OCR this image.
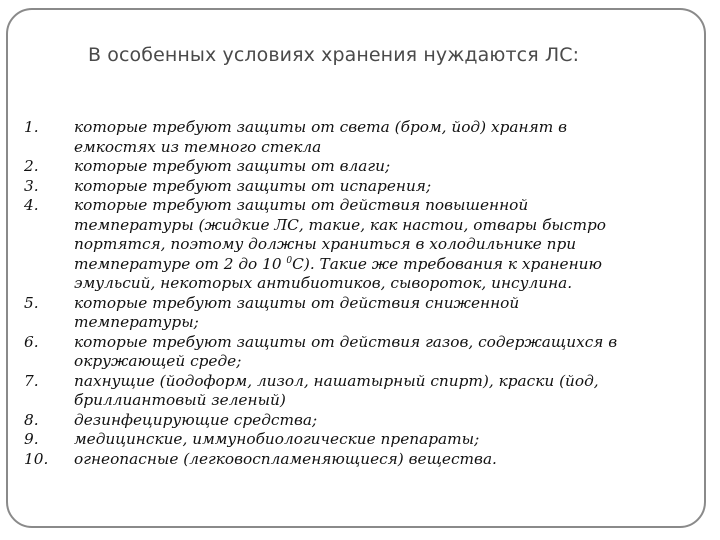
В особенных условиях хранения нуждаются ЛС:
1.	которые требуют защиты от света (бром, йод) хранят в
емкостях из темного стекла
2.	которые требуют защиты от влаги;
3.	которые требуют защиты от испарения;
4.	которые требуют защиты от действия повышенной
температуры (жидкие ЛС, такие, как настои, отвары быстро
портятся, поэтому должны храниться в холодильнике при
температуре от 2 до 10 $^0$C). Такие же требования к хранению
эмульсий, некоторых антибиотиков, сывороток, инсулина.
5.	которые требуют защиты от действия сниженной
температуры;
6.	которые требуют защиты от действия газов, содержащихся в
окружающей среде;
7.	пахнущие (йодоформ, лизол, нашатырный спирт), краски (йод,
бриллиантовый зеленый)
8.	дезинфецирующие средства;
9.	медицинские, иммунобиологические препараты;
10.	огнеопасные (легковоспламеняющиеся) вещества.
